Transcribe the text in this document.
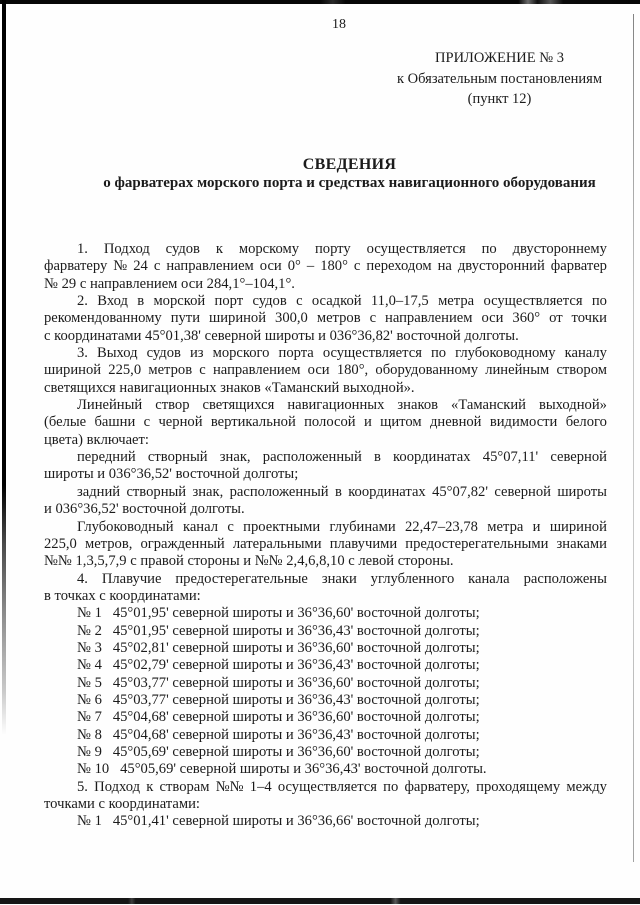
18
ПРИЛОЖЕНИЕ № 3
к Обязательным постановлениям
(пункт 12)
СВЕДЕНИЯ
о фарватерах морского порта и средствах навигационного оборудования
1. Подход судов к морскому порту осуществляется по двустороннему
фарватеру № 24 с направлением оси 0° – 180° с переходом на двусторонний фарватер
№ 29 с направлением оси 284,1°–104,1°.
2. Вход в морской порт судов с осадкой 11,0–17,5 метра осуществляется по
рекомендованному пути шириной 300,0 метров с направлением оси 360° от точки
с координатами 45°01,38' северной широты и 036°36,82' восточной долготы.
3. Выход судов из морского порта осуществляется по глубоководному каналу
шириной 225,0 метров с направлением оси 180°, оборудованному линейным створом
светящихся навигационных знаков «Таманский выходной».
Линейный створ светящихся навигационных знаков «Таманский выходной»
(белые башни с черной вертикальной полосой и щитом дневной видимости белого
цвета) включает:
передний створный знак, расположенный в координатах 45°07,11' северной
широты и 036°36,52' восточной долготы;
задний створный знак, расположенный в координатах 45°07,82' северной широты
и 036°36,52' восточной долготы.
Глубоководный канал с проектными глубинами 22,47–23,78 метра и шириной
225,0 метров, огражденный латеральными плавучими предостерегательными знаками
№№ 1,3,5,7,9 с правой стороны и №№ 2,4,6,8,10 с левой стороны.
4. Плавучие предостерегательные знаки углубленного канала расположены
в точках с координатами:
№ 1   45°01,95' северной широты и 36°36,60' восточной долготы;
№ 2   45°01,95' северной широты и 36°36,43' восточной долготы;
№ 3   45°02,81' северной широты и 36°36,60' восточной долготы;
№ 4   45°02,79' северной широты и 36°36,43' восточной долготы;
№ 5   45°03,77' северной широты и 36°36,60' восточной долготы;
№ 6   45°03,77' северной широты и 36°36,43' восточной долготы;
№ 7   45°04,68' северной широты и 36°36,60' восточной долготы;
№ 8   45°04,68' северной широты и 36°36,43' восточной долготы;
№ 9   45°05,69' северной широты и 36°36,60' восточной долготы;
№ 10   45°05,69' северной широты и 36°36,43' восточной долготы.
5. Подход к створам №№ 1–4 осуществляется по фарватеру, проходящему между
точками с координатами:
№ 1   45°01,41' северной широты и 36°36,66' восточной долготы;
